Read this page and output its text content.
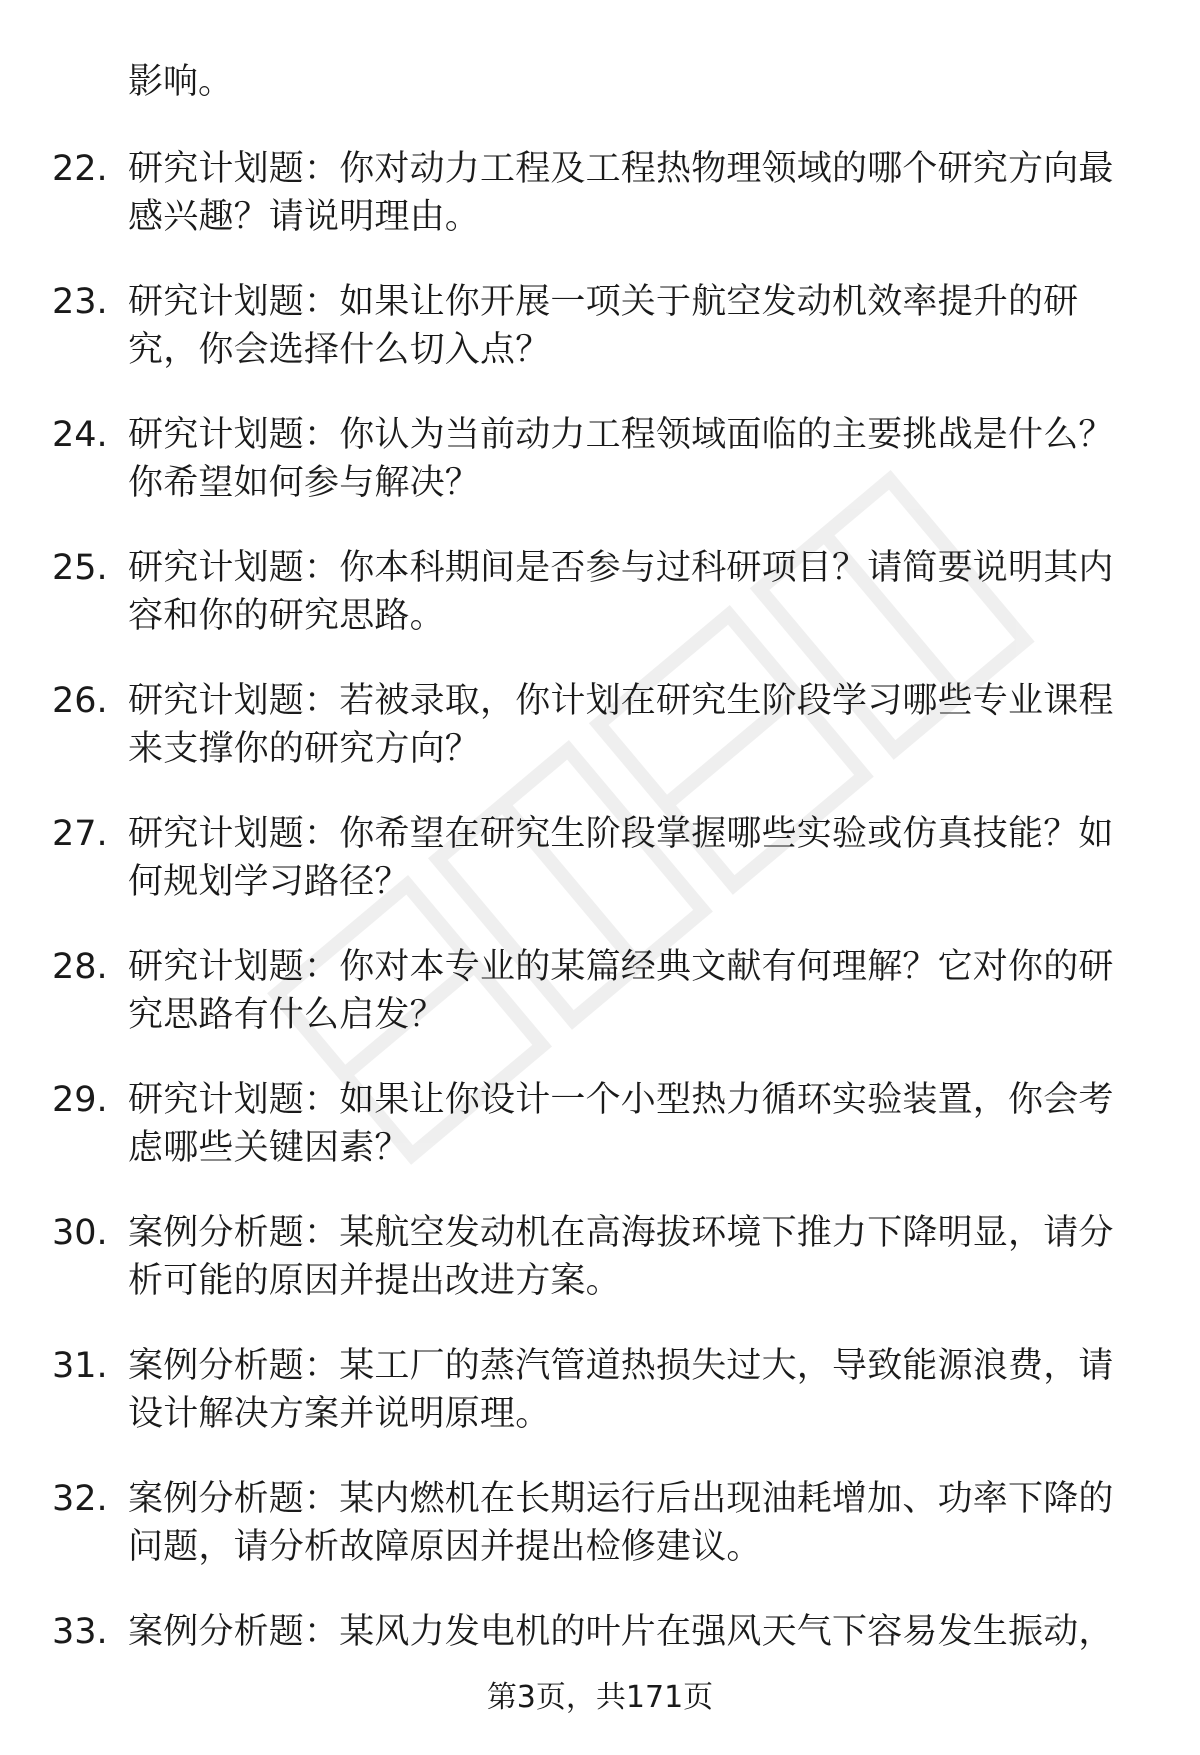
影响。
22. 研究计划题：你对动力工程及工程热物理领域的哪个研究方向最感兴趣？请说明理由。
23. 研究计划题：如果让你开展一项关于航空发动机效率提升的研究，你会选择什么切入点？
24. 研究计划题：你认为当前动力工程领域面临的主要挑战是什么？你希望如何参与解决？
25. 研究计划题：你本科期间是否参与过科研项目？请简要说明其内容和你的研究思路。
26. 研究计划题：若被录取，你计划在研究生阶段学习哪些专业课程来支撑你的研究方向？
27. 研究计划题：你希望在研究生阶段掌握哪些实验或仿真技能？如何规划学习路径？
28. 研究计划题：你对本专业的某篇经典文献有何理解？它对你的研究思路有什么启发？
29. 研究计划题：如果让你设计一个小型热力循环实验装置，你会考虑哪些关键因素？
30. 案例分析题：某航空发动机在高海拔环境下推力下降明显，请分析可能的原因并提出改进方案。
31. 案例分析题：某工厂的蒸汽管道热损失过大，导致能源浪费，请设计解决方案并说明原理。
32. 案例分析题：某内燃机在长期运行后出现油耗增加、功率下降的问题，请分析故障原因并提出检修建议。
33. 案例分析题：某风力发电机的叶片在强风天气下容易发生振动，
第3页，共171页
